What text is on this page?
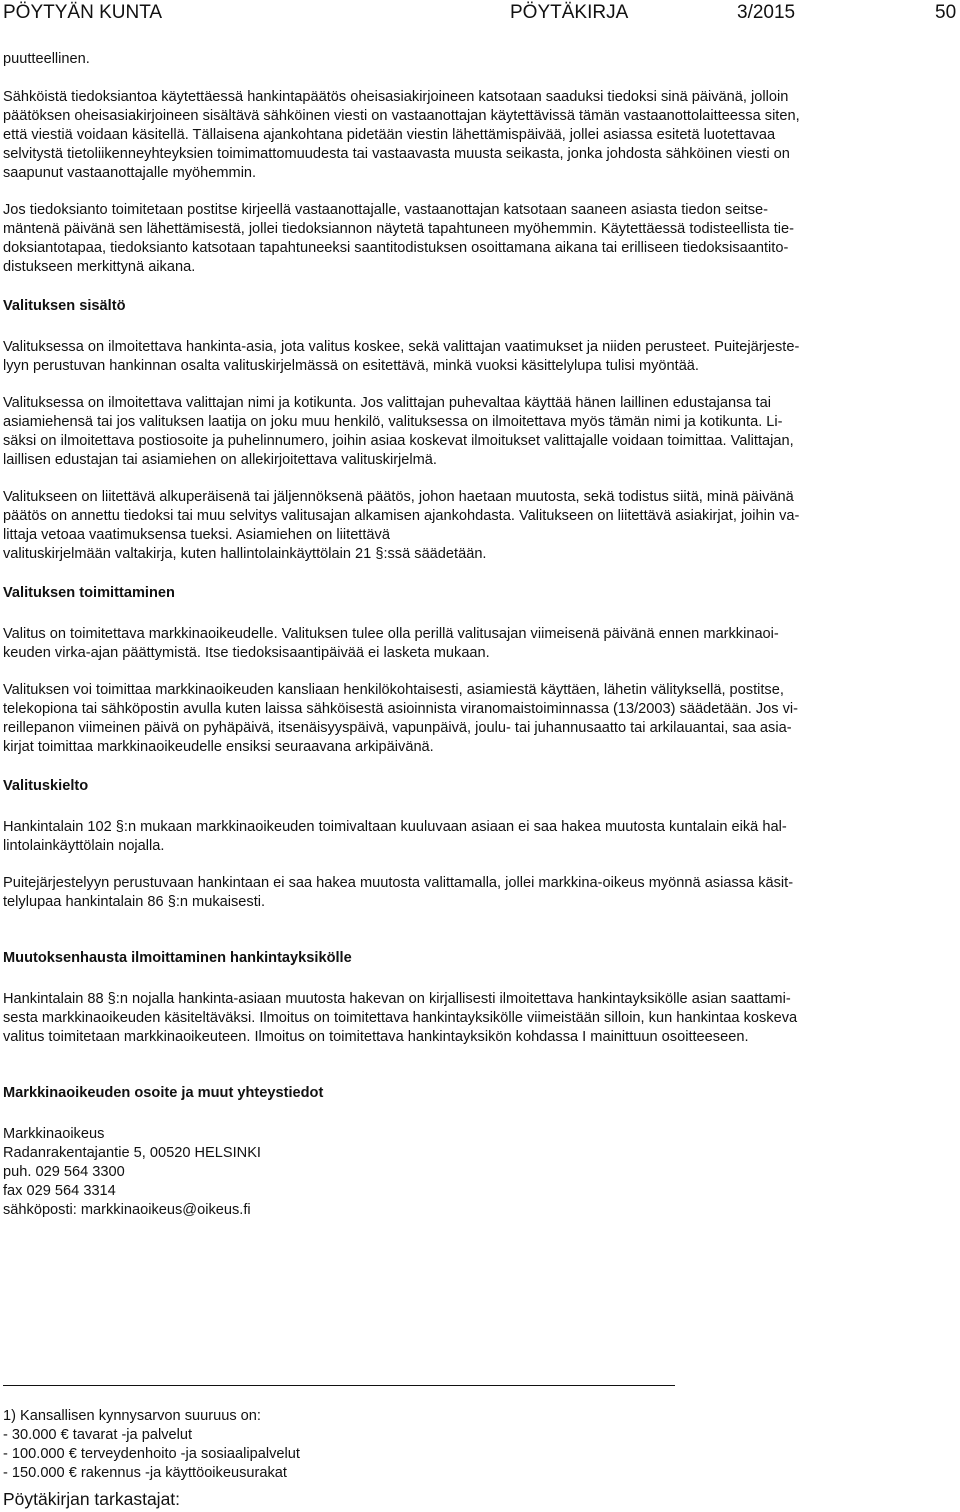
PÖYTYÄN KUNTA	PÖYTÄKIRJA	3/2015	50

puutteellinen.

Sähköistä tiedoksiantoa käytettäessä hankintapäätös oheisasiakirjoineen katsotaan saaduksi tiedoksi sinä päivänä, jolloin
päätöksen oheisasiakirjoineen sisältävä sähköinen viesti on vastaanottajan käytettävissä tämän vastaanottolaitteessa siten,
että viestiä voidaan käsitellä. Tällaisena ajankohtana pidetään viestin lähettämispäivää, jollei asiassa esitetä luotettavaa
selvitystä tietoliikenneyhteyksien toimimattomuudesta tai vastaavasta muusta seikasta, jonka johdosta sähköinen viesti on
saapunut vastaanottajalle myöhemmin.

Jos tiedoksianto toimitetaan postitse kirjeellä vastaanottajalle, vastaanottajan katsotaan saaneen asiasta tiedon seitse-
mäntenä päivänä sen lähettämisestä, jollei tiedoksiannon näytetä tapahtuneen myöhemmin. Käytettäessä todisteellista tie-
doksiantotapaa, tiedoksianto katsotaan tapahtuneeksi saantitodistuksen osoittamana aikana tai erilliseen tiedoksisaantito-
distukseen merkittynä aikana.

Valituksen sisältö

Valituksessa on ilmoitettava hankinta-asia, jota valitus koskee, sekä valittajan vaatimukset ja niiden perusteet. Puitejärjeste-
lyyn perustuvan hankinnan osalta valituskirjelmässä on esitettävä, minkä vuoksi käsittelylupa tulisi myöntää.

Valituksessa on ilmoitettava valittajan nimi ja kotikunta. Jos valittajan puhevaltaa käyttää hänen laillinen edustajansa tai
asiamiehensä tai jos valituksen laatija on joku muu henkilö, valituksessa on ilmoitettava myös tämän nimi ja kotikunta. Li-
säksi on ilmoitettava postiosoite ja puhelinnumero, joihin asiaa koskevat ilmoitukset valittajalle voidaan toimittaa. Valittajan,
laillisen edustajan tai asiamiehen on allekirjoitettava valituskirjelmä.

Valitukseen on liitettävä alkuperäisenä tai jäljennöksenä päätös, johon haetaan muutosta, sekä todistus siitä, minä päivänä
päätös on annettu tiedoksi tai muu selvitys valitusajan alkamisen ajankohdasta. Valitukseen on liitettävä asiakirjat, joihin va-
littaja vetoaa vaatimuksensa tueksi. Asiamiehen on liitettävä
valituskirjelmään valtakirja, kuten hallintolainkäyttölain 21 §:ssä säädetään.

Valituksen toimittaminen

Valitus on toimitettava markkinaoikeudelle. Valituksen tulee olla perillä valitusajan viimeisenä päivänä ennen markkinaoi-
keuden virka-ajan päättymistä. Itse tiedoksisaantipäivää ei lasketa mukaan.

Valituksen voi toimittaa markkinaoikeuden kansliaan henkilökohtaisesti, asiamiestä käyttäen, lähetin välityksellä, postitse,
telekopiona tai sähköpostin avulla kuten laissa sähköisestä asioinnista viranomaistoiminnassa (13/2003) säädetään. Jos vi-
reillepanon viimeinen päivä on pyhäpäivä, itsenäisyyspäivä, vapunpäivä, joulu- tai juhannusaatto tai arkilauantai, saa asia-
kirjat toimittaa markkinaoikeudelle ensiksi seuraavana arkipäivänä.

Valituskielto

Hankintalain 102 §:n mukaan markkinaoikeuden toimivaltaan kuuluvaan asiaan ei saa hakea muutosta kuntalain eikä hal-
lintolainkäyttölain nojalla.

Puitejärjestelyyn perustuvaan hankintaan ei saa hakea muutosta valittamalla, jollei markkina-oikeus myönnä asiassa käsit-
telylupaa hankintalain 86 §:n mukaisesti.

Muutoksenhausta ilmoittaminen hankintayksikölle

Hankintalain 88 §:n nojalla hankinta-asiaan muutosta hakevan on kirjallisesti ilmoitettava hankintayksikölle asian saattami-
sesta markkinaoikeuden käsiteltäväksi. Ilmoitus on toimitettava hankintayksikölle viimeistään silloin, kun hankintaa koskeva
valitus toimitetaan markkinaoikeuteen. Ilmoitus on toimitettava hankintayksikön kohdassa I mainittuun osoitteeseen.

Markkinaoikeuden osoite ja muut yhteystiedot
Markkinaoikeus
Radanrakentajantie 5, 00520 HELSINKI
puh. 029 564 3300
fax 029 564 3314
sähköposti: markkinaoikeus@oikeus.fi
1) Kansallisen kynnysarvon suuruus on:
- 30.000 € tavarat -ja palvelut
- 100.000 € terveydenhoito -ja sosiaalipalvelut
- 150.000 € rakennus -ja käyttöoikeusurakat
Pöytäkirjan tarkastajat:
